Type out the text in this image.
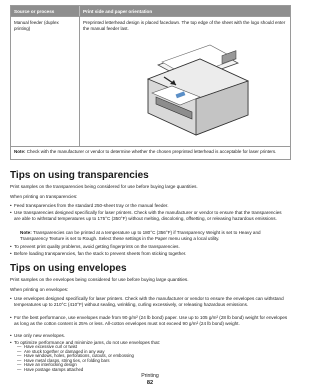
Source or process	Print side and paper orientation
Manual feeder (duplex printing)
Preprinted letterhead design is placed facedown. The top edge of the sheet with the logo should enter the manual feeder last.
Note: Check with the manufacturer or vendor to determine whether the chosen preprinted letterhead is acceptable for laser printers.
Tips on using transparencies

Print samples on the transparencies being considered for use before buying large quantities.

When printing on transparencies:

• Feed transparencies from the standard 250-sheet tray or the manual feeder.
• Use transparencies designed specifically for laser printers. Check with the manufacturer or vendor to ensure that the transparencies are able to withstand temperatures up to 175°C (350°F) without melting, discoloring, offsetting, or releasing hazardous emissions.
Note: Transparencies can be printed at a temperature up to 180°C (356°F) if Transparency Weight is set to Heavy and Transparency Texture is set to Rough. Select these settings in the Paper menu using a local utility.
• To prevent print quality problems, avoid getting fingerprints on the transparencies.
• Before loading transparencies, fan the stack to prevent sheets from sticking together.
Tips on using envelopes

Print samples on the envelopes being considered for use before buying large quantities.

When printing on envelopes:

• Use envelopes designed specifically for laser printers. Check with the manufacturer or vendor to ensure the envelopes can withstand temperatures up to 210°C (410°F) without sealing, wrinkling, curling excessively, or releasing hazardous emissions.
• For the best performance, use envelopes made from 90 g/m² (24 lb bond) paper. Use up to 105 g/m² (28 lb bond) weight for envelopes as long as the cotton content is 25% or less. All-cotton envelopes must not exceed 90 g/m² (24 lb bond) weight.
• Use only new envelopes.
• To optimize performance and minimize jams, do not use envelopes that:
— Have excessive curl or twist
— Are stuck together or damaged in any way
— Have windows, holes, perforations, cutouts, or embossing
— Have metal clasps, string ties, or folding bars
— Have an interlocking design
— Have postage stamps attached
Printing
82
